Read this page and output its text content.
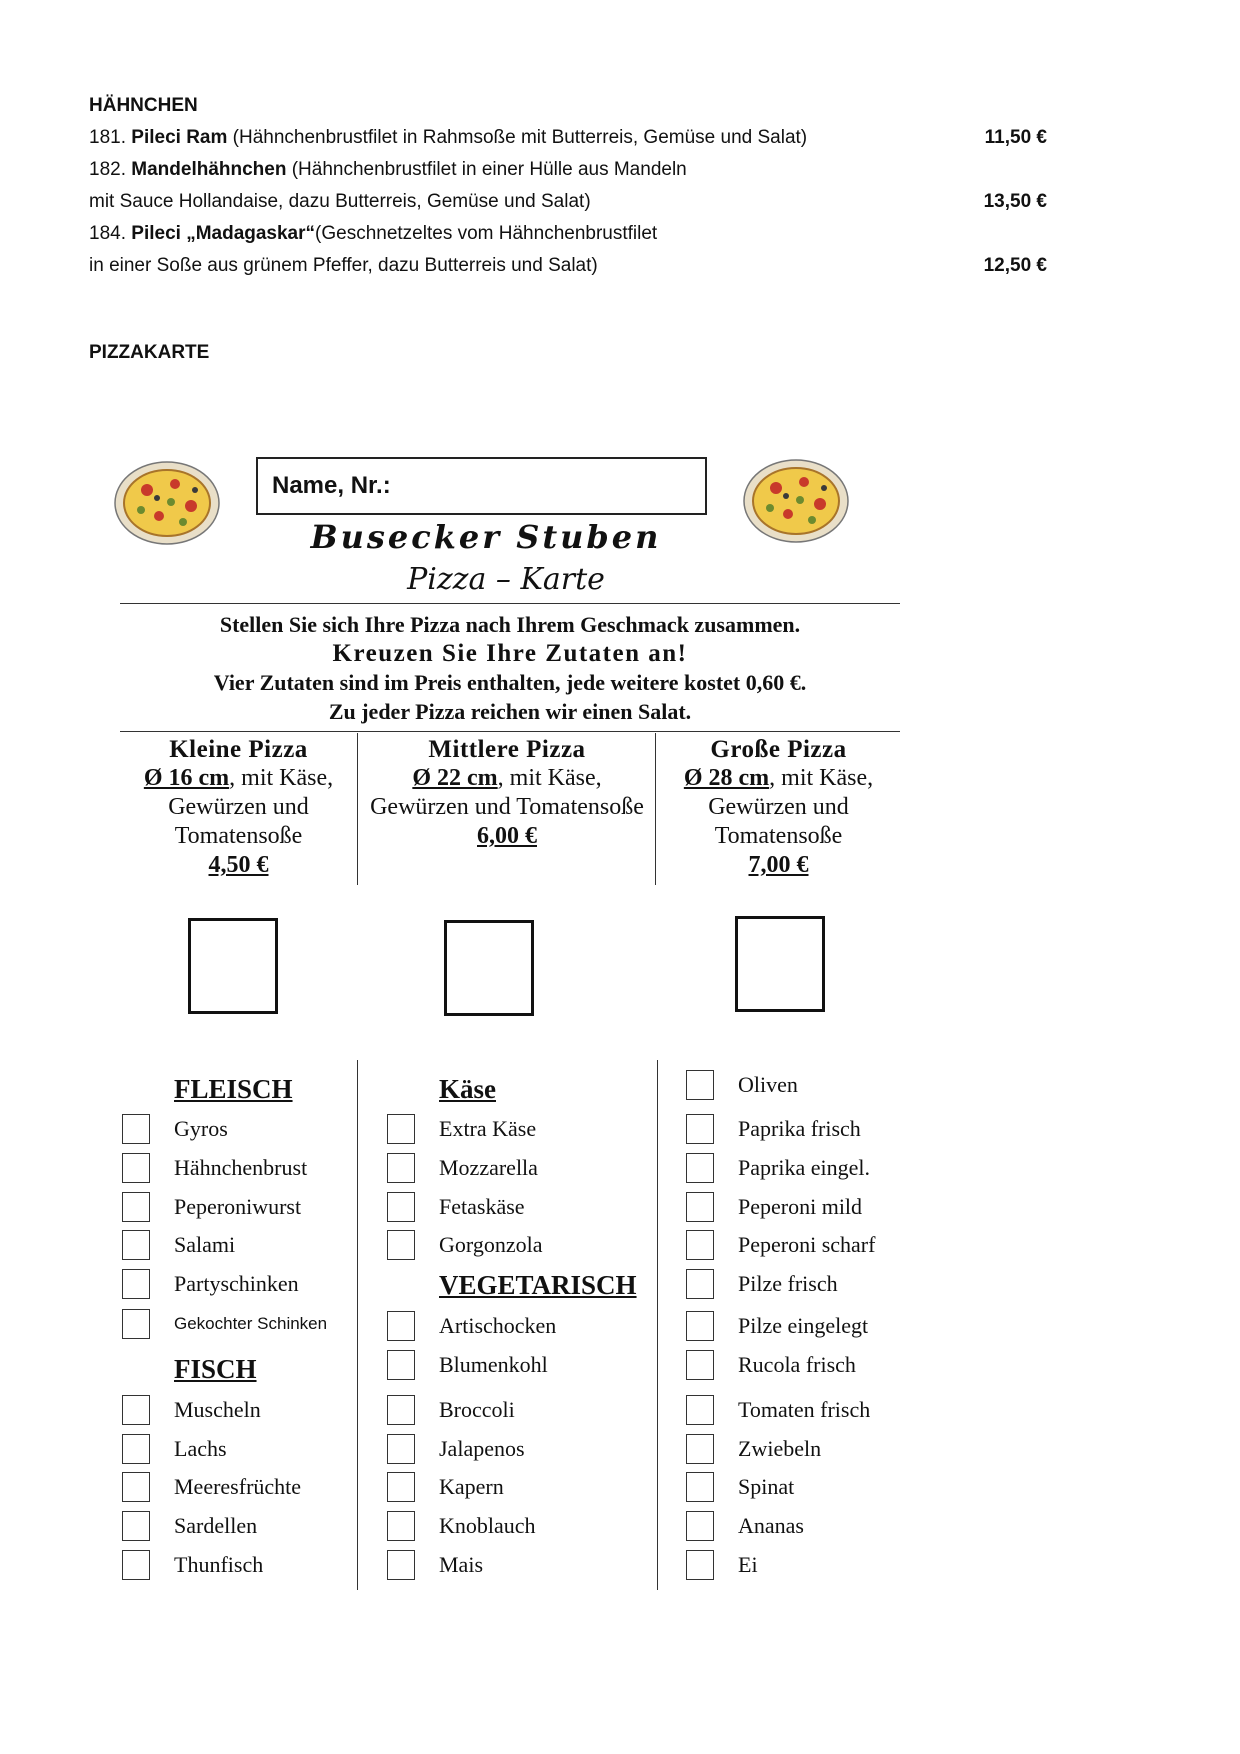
HÄHNCHEN
181. Pileci Ram (Hähnchenbrustfilet in Rahmsoße mit Butterreis, Gemüse und Salat)	11,50 €
182. Mandelhähnchen (Hähnchenbrustfilet in einer Hülle aus Mandeln
mit Sauce Hollandaise, dazu Butterreis, Gemüse und Salat)	13,50 €
184. Pileci „Madagaskar“(Geschnetzeltes vom Hähnchenbrustfilet
in einer Soße aus grünem Pfeffer, dazu Butterreis und Salat)	12,50 €
PIZZAKARTE
Name, Nr.:
Busecker Stuben
Pizza – Karte
Stellen Sie sich Ihre Pizza nach Ihrem Geschmack zusammen.
Kreuzen Sie Ihre Zutaten an!
Vier Zutaten sind im Preis enthalten, jede weitere kostet 0,60 €.
Zu jeder Pizza reichen wir einen Salat.
Kleine Pizza
Ø 16 cm, mit Käse,
Gewürzen und
Tomatensoße
4,50 €
Mittlere Pizza
Ø 22 cm, mit Käse,
Gewürzen und Tomatensoße
6,00 €
Große Pizza
Ø 28 cm, mit Käse,
Gewürzen und
Tomatensoße
7,00 €
FLEISCH
FISCH
Käse
VEGETARISCH
Gyros
Hähnchenbrust
Peperoniwurst
Salami
Partyschinken
Gekochter Schinken
Muscheln
Lachs
Meeresfrüchte
Sardellen
Thunfisch
Extra Käse
Mozzarella
Fetaskäse
Gorgonzola
Artischocken
Blumenkohl
Broccoli
Jalapenos
Kapern
Knoblauch
Mais
Oliven
Paprika frisch
Paprika eingel.
Peperoni mild
Peperoni scharf
Pilze frisch
Pilze eingelegt
Rucola frisch
Tomaten frisch
Zwiebeln
Spinat
Ananas
Ei
